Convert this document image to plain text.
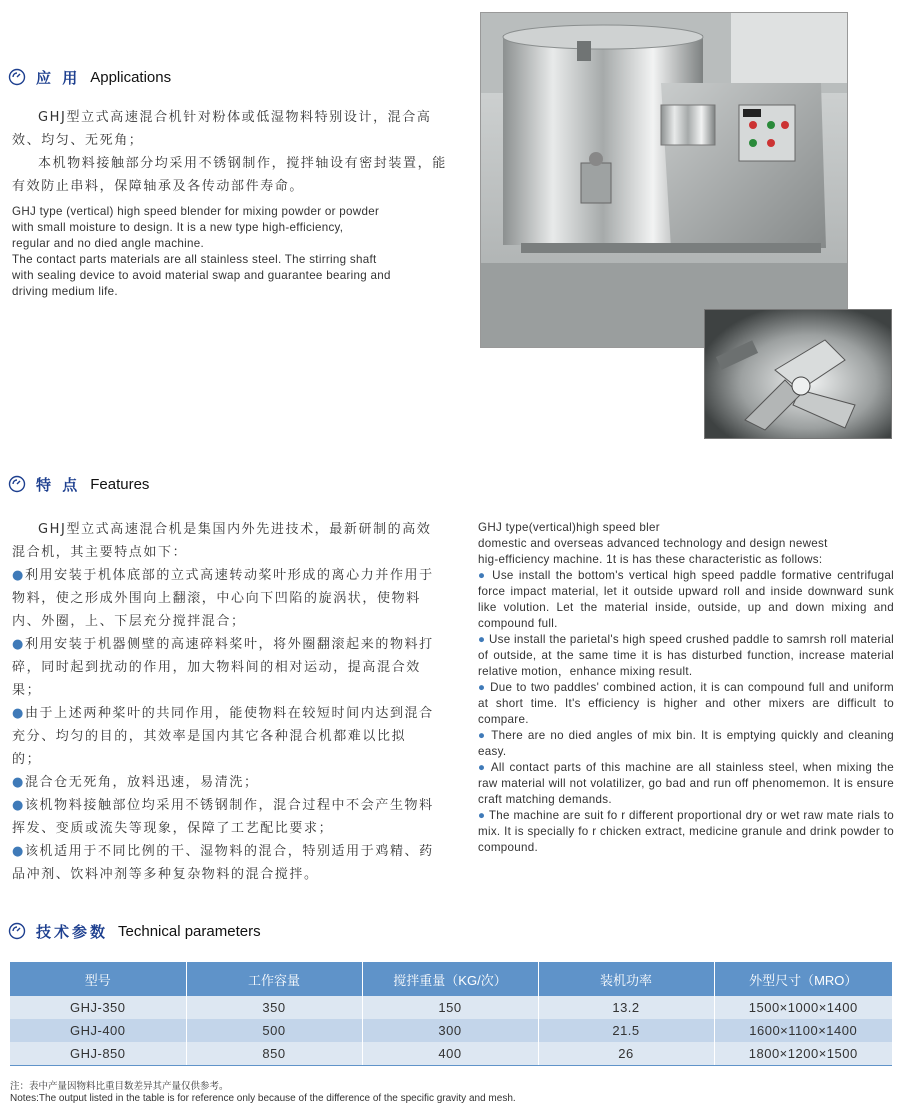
应 用 Applications

GHJ型立式高速混合机针对粉体或低湿物料特别设计，混合高效、均匀、无死角；

本机物料接触部分均采用不锈钢制作，搅拌轴设有密封装置，能有效防止串料，保障轴承及各传动部件寿命。

GHJ type (vertical) high speed blender for mixing powder or powder
with small moisture to design. It is a new type high-efficiency,
regular and no died angle machine.
The contact parts materials are all stainless steel. The stirring shaft
with sealing device to avoid material swap and guarantee bearing and
driving medium life.
特 点 Features

GHJ型立式高速混合机是集国内外先进技术，最新研制的高效混合机，其主要特点如下：

●利用安装于机体底部的立式高速转动桨叶形成的离心力并作用于物料，使之形成外围向上翻滚，中心向下凹陷的旋涡状，使物料内、外圈，上、下层充分搅拌混合；

●利用安装于机器侧壁的高速碎料桨叶，将外圈翻滚起来的物料打碎，同时起到扰动的作用，加大物料间的相对运动，提高混合效果；

●由于上述两种桨叶的共同作用，能使物料在较短时间内达到混合充分、均匀的目的，其效率是国内其它各种混合机都难以比拟的；

●混合仓无死角，放料迅速，易清洗；

●该机物料接触部位均采用不锈钢制作，混合过程中不会产生物料挥发、变质或流失等现象，保障了工艺配比要求；

●该机适用于不同比例的干、湿物料的混合，特别适用于鸡精、药品冲剂、饮料冲剂等多种复杂物料的混合搅拌。

GHJ type(vertical)high speed bler
domestic and overseas advanced technology and design newest
hig-efficiency machine. 1t is has these characteristic as follows:
● Use install the bottom's vertical high speed paddle formative centrifugal force impact material, let it outside upward roll and inside downward sunk like volution. Let the material inside, outside, up and down mixing and compound full.
● Use install the parietal's high speed crushed paddle to samrsh roll material of outside, at the same time it is has disturbed function, increase material relative motion，enhance mixing result.
● Due to two paddles' combined action, it is can compound full and uniform at short time. It's efficiency is higher and other mixers are difficult to compare.
● There are no died angles of mix bin. It is emptying quickly and cleaning easy.
● All contact parts of this machine are all stainless steel, when mixing the raw material will not volatilizer, go bad and run off phenomemon. It is ensure craft matching demands.
● The machine are suit fo r different proportional dry or wet raw mate rials to mix. It is specially fo r chicken extract, medicine granule and drink powder to compound.
技术参数 Technical parameters
型号	工作容量	搅拌重量（KG/次）	装机功率	外型尺寸（MRO）
GHJ-350	350	150	13.2	1500×1000×1400
GHJ-400	500	300	21.5	1600×1100×1400
GHJ-850	850	400	26	1800×1200×1500
注：表中产量因物料比重目数差异其产量仅供参考。
Notes:The output listed in the table is for reference only because of the difference of the specific gravity and mesh.
